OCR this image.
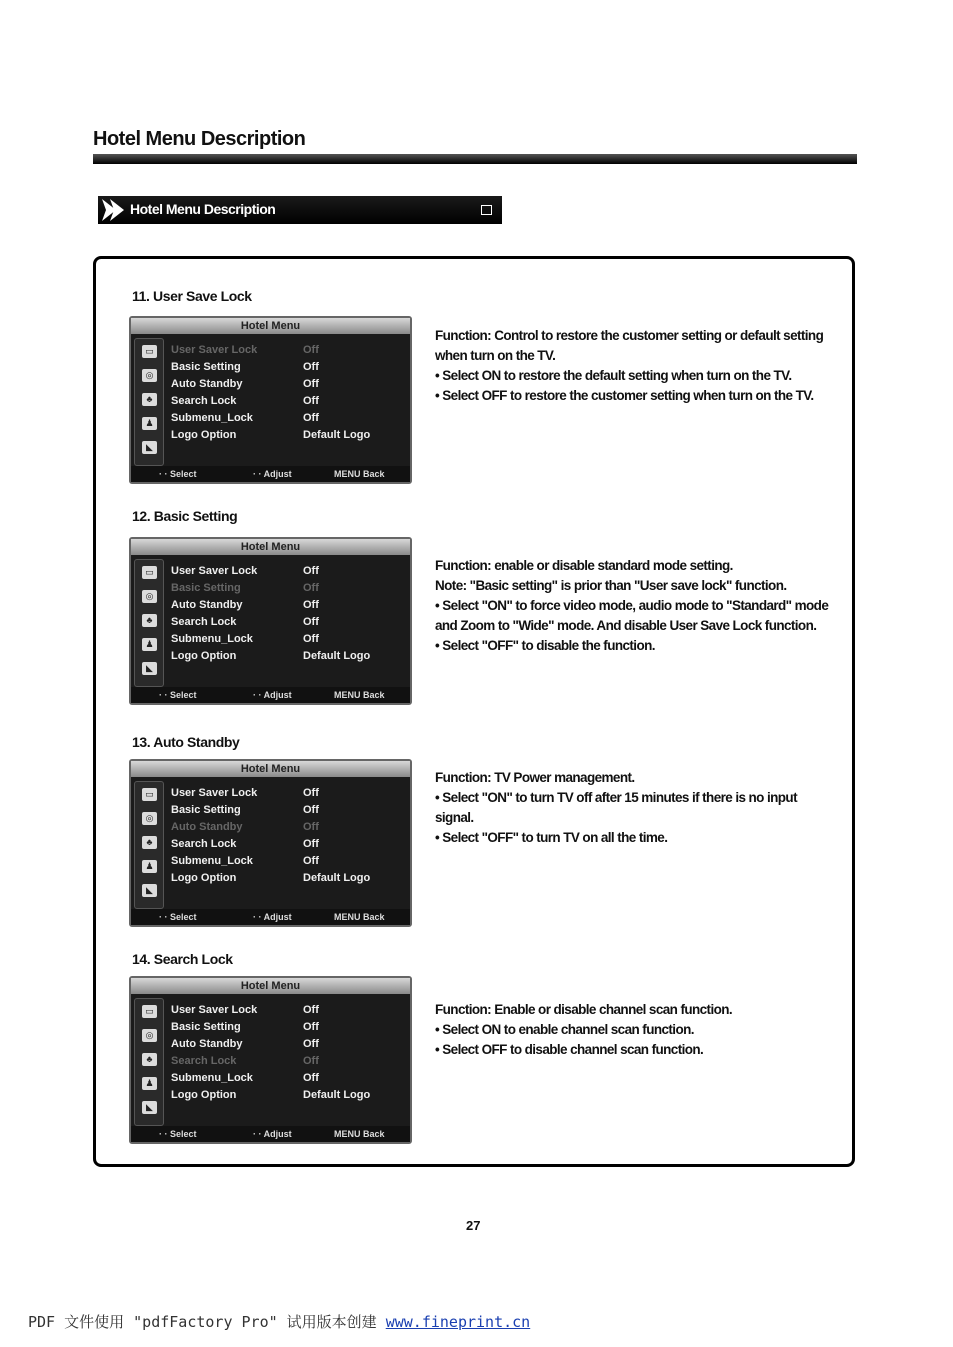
Hotel Menu Description
Hotel Menu Description
11. User Save Lock
Hotel Menu
▭
◎
♣
♟
◣
User Saver Lock	Off
Basic Setting	Off
Auto Standby	Off
Search Lock	Off
Submenu_Lock	Off
Logo Option	Default Logo
· · Select	· · Adjust	MENU Back

Function: Control to restore the customer setting or default setting when turn on the TV.

• Select ON to restore the default setting when turn on the TV.

• Select OFF to restore the customer setting when turn on the TV.

12. Basic Setting
Hotel Menu
▭
◎
♣
♟
◣
User Saver Lock	Off
Basic Setting	Off
Auto Standby	Off
Search Lock	Off
Submenu_Lock	Off
Logo Option	Default Logo
· · Select	· · Adjust	MENU Back

Function: enable or disable standard mode setting.

Note: "Basic setting" is prior than "User save lock" function.

• Select "ON" to force video mode, audio mode to "Standard" mode and Zoom to "Wide" mode. And disable User Save Lock function.

• Select "OFF" to disable the function.

13. Auto Standby
Hotel Menu
▭
◎
♣
♟
◣
User Saver Lock	Off
Basic Setting	Off
Auto Standby	Off
Search Lock	Off
Submenu_Lock	Off
Logo Option	Default Logo
· · Select	· · Adjust	MENU Back

Function: TV Power management.

• Select "ON" to turn TV off after 15 minutes if there is no input signal.

• Select "OFF" to turn TV on all the time.

14. Search Lock
Hotel Menu
▭
◎
♣
♟
◣
User Saver Lock	Off
Basic Setting	Off
Auto Standby	Off
Search Lock	Off
Submenu_Lock	Off
Logo Option	Default Logo
· · Select	· · Adjust	MENU Back

Function: Enable or disable channel scan function.

• Select ON to enable channel scan function.

• Select OFF to disable channel scan function.

27
PDF 文件使用 "pdfFactory Pro" 试用版本创建 www.fineprint.cn
